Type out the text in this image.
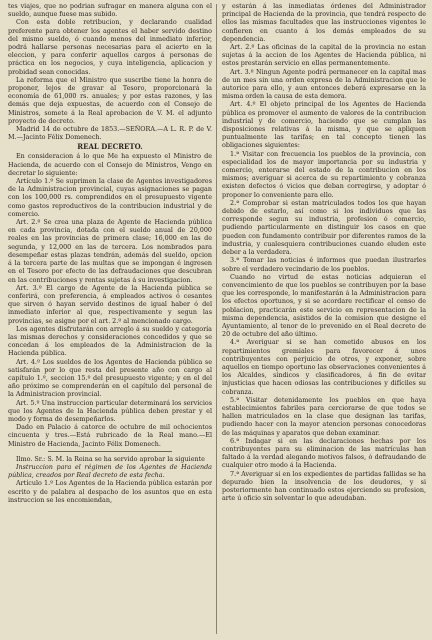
tes viajes, que no podrian sufragar en manera alguna con el sueldo, aunque fuese mas subido.

Con esta doble retribucion, y declarando cualidad preferente para obtener los agentes el haber servido destino del mismo sueldo, ó cuando menos del inmediato inferior, podrá hallarse personas necesarias para el acierto en la eleccion, y para conferir aquellos cargos á personas de práctica en los negocios, y cuya inteligencia, aplicacion y probidad sean conocidas.

La reforma que el Ministro que suscribe tiene la honra de proponer, lejos de gravar al Tesoro, proporcionará la economía de 61,000 rs. anuales; y por estas razones, y las demás que deja expuestas, de acuerdo con el Consejo de Ministros, somete á la Real aprobacion de V. M. el adjunto proyecto de decreto.

Madrid 14 de octubre de 1853.—SEÑORA.—A L. R. P. de V. M.—Jacinto Félix Domenech.

REAL DECRETO.

En consideracion á lo que Me ha expuesto el Ministro de Hacienda, de acuerdo con el Consejo de Ministros, Vengo en decretar lo siguiente:

Artículo 1.º Se suprimen la clase de Agentes investigadores de la Administracion provincial, cuyas asignaciones se pagan con los 100,000 rs. comprendidos en el presupuesto vigente como gastos reproductivos de la contribucion industrial y de comercio.

Art. 2.º Se crea una plaza de Agente de Hacienda pública en cada provincia, dotada con el sueldo anual de 20,000 reales en las provincias de primera clase; 16,000 en las de segunda, y 12,000 en las de tercera. Los nombrados para desempeñar estas plazas tendrán, además del sueldo, opcion á la tercera parte de las multas que se impongan é ingresen en el Tesoro por efecto de las defraudaciones que descubran en las contribuciones y rentas sujetas á su investigacion.

Art. 3.º El cargo de Agente de la Hacienda pública se conferirá, con preferencia, á empleados activos ó cesantes que sirven ó hayan servido destinos de igual haber ó del inmediato inferior al que, respectivamente y segun las provincias, se asigne por el art. 2.º al mencionado cargo.

Los agentes disfrutarán con arreglo á su sueldo y categoría las mismas derechos y consideraciones concedidos y que se concedan á los empleados de la Administracion de la Hacienda pública.

Art. 4.º Los sueldos de los Agentes de Hacienda pública se satisfarán por lo que resta del presente año con cargo al capítulo 1.º, seccion 15.º del presupuesto vigente; y en el del año próximo se comprenderán en el capítulo del personal de la Administracion provincial.

Art. 5.º Una instruccion particular determinará los servicios que los Agentes de la Hacienda pública deben prestar y el modo y forma de desempeñarlos.

Dado en Palacio á catorce de octubre de mil ochocientos cincuenta y tres.—Está rubricado de la Real mano.—El Ministro de Hacienda, Jacinto Félix Domenech.

Ilmo. Sr.: S. M. la Reina se ha servido aprobar la siguiente

Instruccion para el régimen de los Agentes de Hacienda pública, creados por Real decreto de esta fecha.

Artículo 1.º Los Agentes de la Hacienda pública estarán por escrito y de palabra al despacho de los asuntos que en esta instruccion se les encomiendan,

y estarán á las inmediatas órdenes del Administrador principal de Hacienda de la provincia, que tendrá respecto de ellos las mismas facultades que las instrucciones vigentes le confieren en cuanto á los demás empleados de su dependencia.

Art. 2.º Las oficinas de la capital de la provincia no estan sujetas á la accion de los Agentes de Hacienda pública, ni estos prestarán servicio en ellas permanentemente.

Art. 3.º Ningun Agente podrá permanecer en la capital mas de un mes sin una orden expresa de la Administracion que le autorice para ello, y aun entonces deberá expresarse en la misma orden la causa de esta demora.

Art. 4.º El objeto principal de los Agentes de Hacienda pública es promover el aumento de valores de la contribucion industrial y de comercio, haciendo que se cumplan las disposiciones relativas á la misma, y que se apliquen puntualmente las tarifas; en tal concepto tienen las obligaciones siguientes:

1.ª Visitar con frecuencia los pueblos de la provincia, con especialidad los de mayor importancia por su industria y comercio, enterarse del estado de la contribucion en los mismos; averiguar si acerca de su repartimiento y cobranza existen defectos ó vicios que deban corregirse, y adoptar ó proponer lo conveniente para ello.

2.ª Comprobar si estan matriculados todos los que hayan debido de estarlo, así como si los individuos que las corresponde segun su industria, profesion ó comercio, pudiendo particularmente en distinguir los casos en que pueden con fundamento contribuir por diferentes ramos de la industria, y cualesquiera contribuciones cuando eluden este deber a la verdadera.

3.ª Tomar las noticias é informes que puedan ilustrarles sobre el verdadero vecindario de los pueblos.

Cuando no virtud de estas noticias adquieran el convencimiento de que los pueblos se contribuyen por la base que les corresponde, lo manifestarán á la Administracion para los efectos oportunos, y si se acordare rectificar el censo de poblacion, practicarán este servicio en representacion de la misma dependencia, asistidos de la comision que designe el Ayuntamiento, al tenor de lo prevenido en el Real decreto de 20 de octubre del año último.

4.ª Averiguar si se han cometido abusos en los repartimientos gremiales para favorecer á unos contribuyentes con perjuicio de otros, y exponer, sobre aquellos en tiempo oportuno las observaciones convenientes á los Alcaldes, síndicos y clasificadores, á fin de evitar injusticias que hacen odiosas las contribuciones y difíciles su cobranza.

5.ª Visitar detenidamente los pueblos en que haya establecimientos fabriles para cerciorarse de que todos se hallen matriculados en la clase que designan las tarifas, pudiendo hacer con la mayor atencion personas conocedoras de las máquinas y aparatos que deban examinar.

6.ª Indagar si en las declaraciones hechas por los contribuyentes para su eliminacion de las matrículas han faltado á la verdad alegando motivos falsos, ó defraudando de cualquier otro modo á la Hacienda.

7.ª Averiguar si en los expedientes de partidas fallidas se ha depurado bien la insolvencia de los deudores, y si posteriormente han continuado estos ejerciendo su profesion, arte ú oficio sin solventar lo que adeudaban.
